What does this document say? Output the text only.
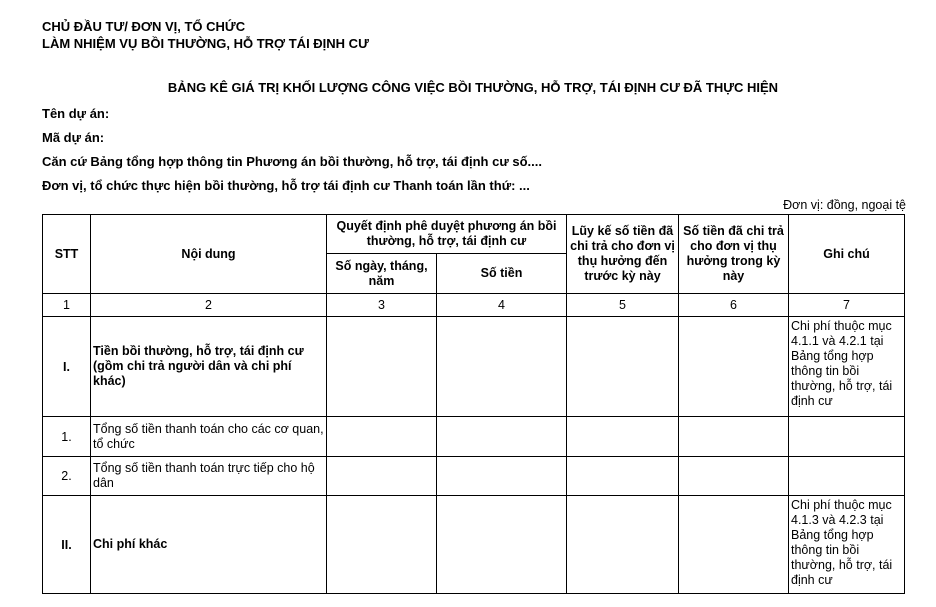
CHỦ ĐẦU TƯ/ ĐƠN VỊ, TỔ CHỨC
LÀM NHIỆM VỤ BỒI THƯỜNG, HỖ TRỢ TÁI ĐỊNH CƯ
BẢNG KÊ GIÁ TRỊ KHỐI LƯỢNG CÔNG VIỆC BỒI THƯỜNG, HỖ TRỢ, TÁI ĐỊNH CƯ ĐÃ THỰC HIỆN
Tên dự án:
Mã dự án:
Căn cứ Bảng tổng hợp thông tin Phương án bồi thường, hỗ trợ, tái định cư số....
Đơn vị, tổ chức thực hiện bồi thường, hỗ trợ tái định cư Thanh toán lần thứ: ...
Đơn vị: đồng, ngoại tệ
STT	Nội dung	Quyết định phê duyệt phương án bồi thường, hỗ trợ, tái định cư		Lũy kế số tiền đã chi trả cho đơn vị thụ hưởng đến trước kỳ này	Số tiền đã chi trả cho đơn vị thụ hưởng trong kỳ này	Ghi chú
		Số ngày, tháng, năm	Số tiền			
1	2	3	4	5	6	7
I.	Tiền bồi thường, hỗ trợ, tái định cư (gồm chi trả người dân và chi phí khác)					Chi phí thuộc mục 4.1.1 và 4.2.1 tại Bảng tổng hợp thông tin bồi thường, hỗ trợ, tái định cư
1.	Tổng số tiền thanh toán cho các cơ quan, tổ chức					
2.	Tổng số tiền thanh toán trực tiếp cho hộ dân					
II.	Chi phí khác					Chi phí thuộc mục 4.1.3 và 4.2.3 tại Bảng tổng hợp thông tin bồi thường, hỗ trợ, tái định cư
